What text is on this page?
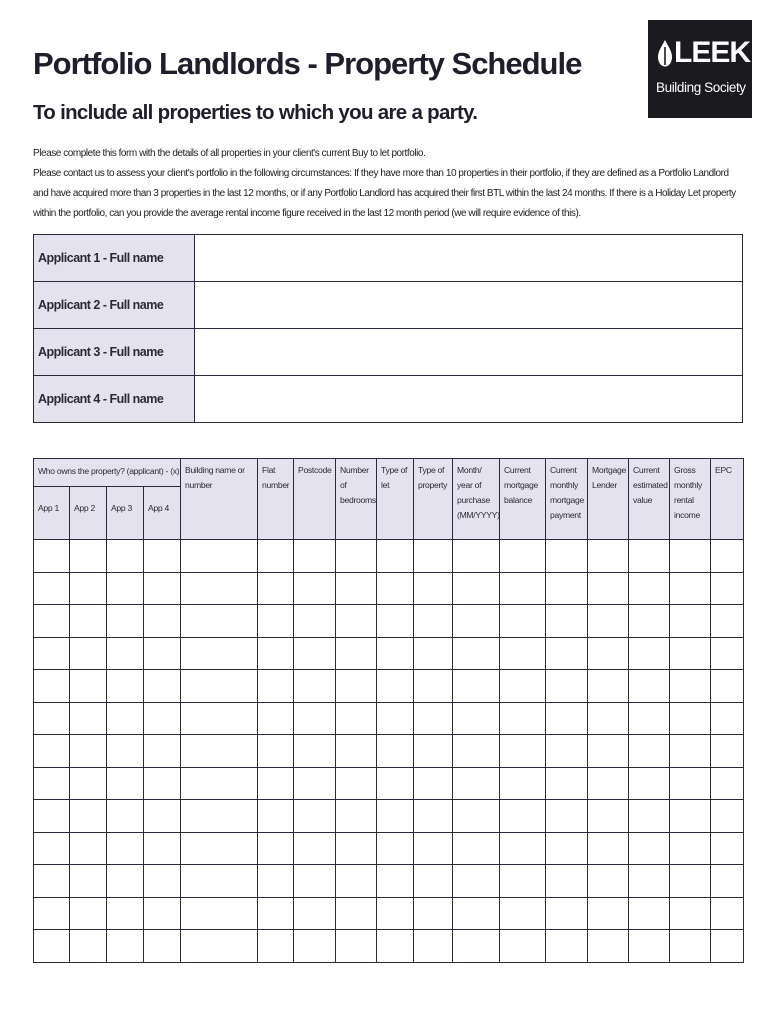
Portfolio Landlords - Property Schedule
To include all properties to which you are a party.
LEEK
Building Society
Please complete this form with the details of all properties in your client's current Buy to let portfolio.
Please contact us to assess your client's portfolio in the following circumstances: If they have more than 10 properties in their portfolio, if they are defined as a Portfolio Landlord and have acquired more than 3 properties in the last 12 months, or if any Portfolio Landlord has acquired their first BTL within the last 24 months. If there is a Holiday Let property within the portfolio, can you provide the average rental income figure received in the last 12 month period (we will require evidence of this).
Applicant 1 - Full name	
Applicant 2 - Full name	
Applicant 3 - Full name	
Applicant 4 - Full name	
Who owns the property? (applicant) - (x)				Building name or number	Flat number	Postcode	Number of bedrooms	Type of let	Type of property	Month/ year of purchase (MM/YYYY)	Current mortgage balance	Current monthly mortgage payment	Mortgage Lender	Current estimated value	Gross monthly rental income	EPC
App 1	App 2	App 3	App 4													
